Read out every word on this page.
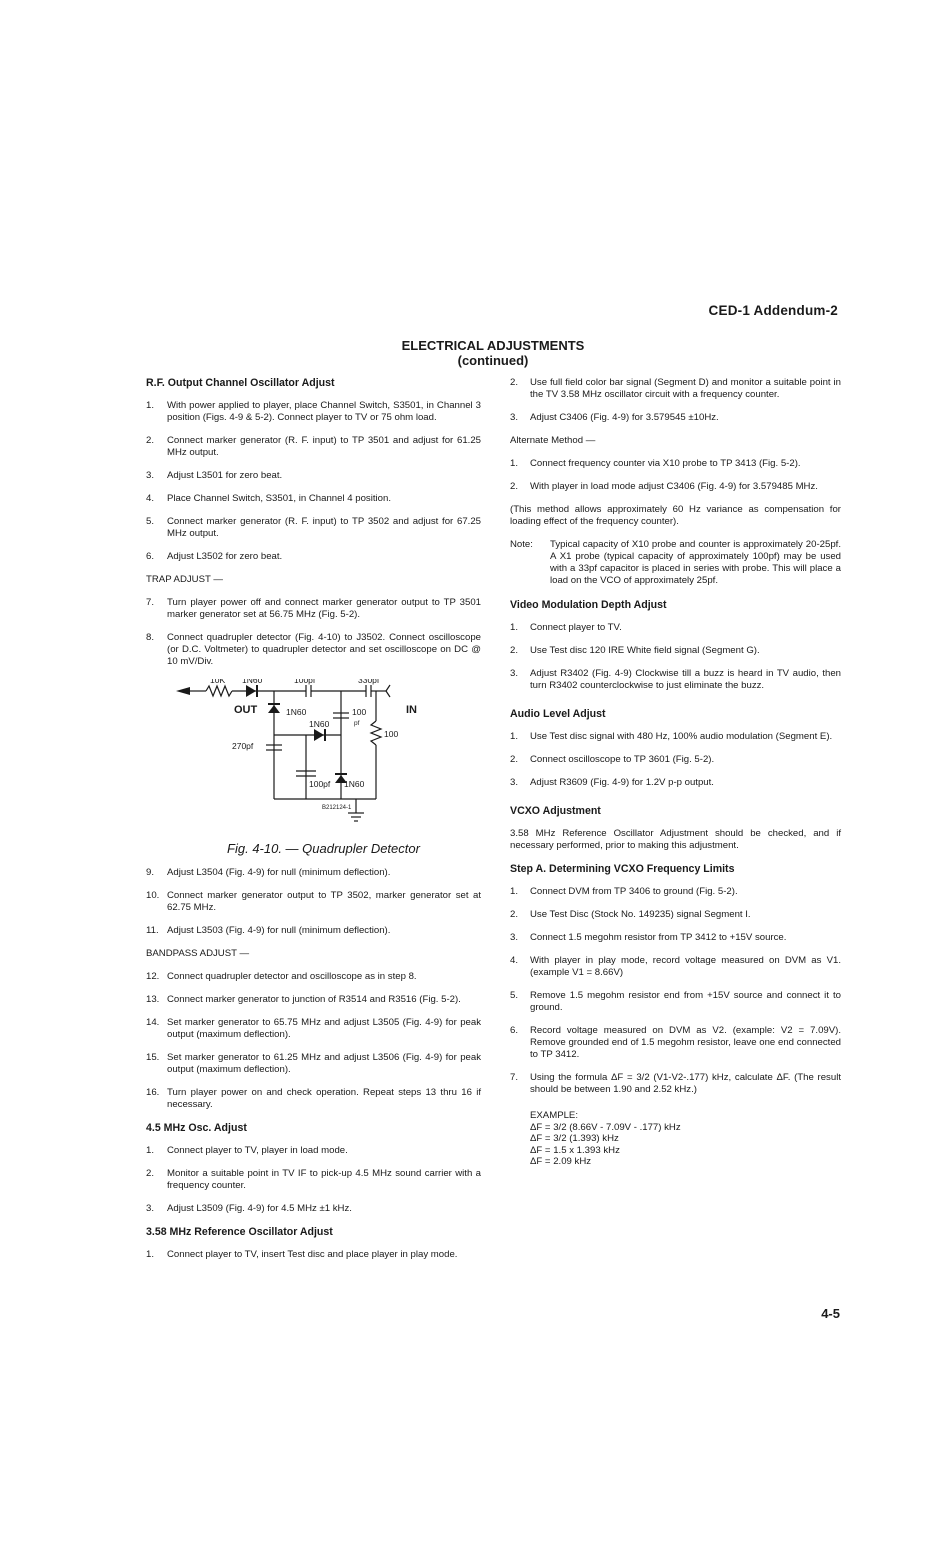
CED-1 Addendum-2
ELECTRICAL ADJUSTMENTS
(continued)
R.F. Output Channel Oscillator Adjust
1.	With power applied to player, place Channel Switch, S3501, in Channel 3 position (Figs. 4-9 & 5-2). Connect player to TV or 75 ohm load.
2.	Connect marker generator (R. F. input) to TP 3501 and adjust for 61.25 MHz output.
3.	Adjust L3501 for zero beat.
4.	Place Channel Switch, S3501, in Channel 4 position.
5.	Connect marker generator (R. F. input) to TP 3502 and adjust for 67.25 MHz output.
6.	Adjust L3502 for zero beat.
TRAP ADJUST —
7.	Turn player power off and connect marker generator output to TP 3501 marker generator set at 56.75 MHz (Fig. 5-2).
8.	Connect quadrupler detector (Fig. 4-10) to J3502. Connect oscilloscope (or D.C. Voltmeter) to quadrupler detector and set oscilloscope on DC @ 10 mV/Div.
10K 1N60	100pf	330pf
1N60
1N60
100
pf
270pf
100
100pf 1N60
B212124-1
OUT	IN
Fig. 4-10. — Quadrupler Detector
9.	Adjust L3504 (Fig. 4-9) for null (minimum deflection).
10. Connect marker generator output to TP 3502, marker generator set at 62.75 MHz.
11. Adjust L3503 (Fig. 4-9) for null (minimum deflection).
BANDPASS ADJUST —
12. Connect quadrupler detector and oscilloscope as in step 8.
13. Connect marker generator to junction of R3514 and R3516 (Fig. 5-2).
14. Set marker generator to 65.75 MHz and adjust L3505 (Fig. 4-9) for peak output (maximum deflection).
15. Set marker generator to 61.25 MHz and adjust L3506 (Fig. 4-9) for peak output (maximum deflection).
16. Turn player power on and check operation. Repeat steps 13 thru 16 if necessary.
4.5 MHz Osc. Adjust
1.	Connect player to TV, player in load mode.
2.	Monitor a suitable point in TV IF to pick-up 4.5 MHz sound carrier with a frequency counter.
3.	Adjust L3509 (Fig. 4-9) for 4.5 MHz ±1 kHz.
3.58 MHz Reference Oscillator Adjust
1.	Connect player to TV, insert Test disc and place player in play mode.
2.	Use full field color bar signal (Segment D) and monitor a suitable point in the TV 3.58 MHz oscillator circuit with a frequency counter.
3.	Adjust C3406 (Fig. 4-9) for 3.579545 ±10Hz.
Alternate Method —
1.	Connect frequency counter via X10 probe to TP 3413 (Fig. 5-2).
2.	With player in load mode adjust C3406 (Fig. 4-9) for 3.579485 MHz.
(This method allows approximately 60 Hz variance as compensation for loading effect of the frequency counter).
Note:	Typical capacity of X10 probe and counter is approximately 20-25pf. A X1 probe (typical capacity of approximately 100pf) may be used with a 33pf capacitor is placed in series with probe. This will place a load on the VCO of approximately 25pf.
Video Modulation Depth Adjust
1.	Connect player to TV.
2.	Use Test disc 120 IRE White field signal (Segment G).
3.	Adjust R3402 (Fig. 4-9) Clockwise till a buzz is heard in TV audio, then turn R3402 counterclockwise to just eliminate the buzz.
Audio Level Adjust
1.	Use Test disc signal with 480 Hz, 100% audio modulation (Segment E).
2.	Connect oscilloscope to TP 3601 (Fig. 5-2).
3.	Adjust R3609 (Fig. 4-9) for 1.2V p-p output.
VCXO Adjustment
3.58 MHz Reference Oscillator Adjustment should be checked, and if necessary performed, prior to making this adjustment.
Step A. Determining VCXO Frequency Limits
1.	Connect DVM from TP 3406 to ground (Fig. 5-2).
2.	Use Test Disc (Stock No. 149235) signal Segment I.
3.	Connect 1.5 megohm resistor from TP 3412 to +15V source.
4.	With player in play mode, record voltage measured on DVM as V1. (example V1 = 8.66V)
5.	Remove 1.5 megohm resistor end from +15V source and connect it to ground.
6.	Record voltage measured on DVM as V2. (example: V2 = 7.09V). Remove grounded end of 1.5 megohm resistor, leave one end connected to TP 3412.
7.	Using the formula ΔF = 3/2 (V1-V2-.177) kHz, calculate ΔF. (The result should be between 1.90 and 2.52 kHz.)
EXAMPLE:
ΔF = 3/2 (8.66V - 7.09V - .177) kHz
ΔF = 3/2 (1.393) kHz
ΔF = 1.5 x 1.393 kHz
ΔF = 2.09 kHz
4-5
